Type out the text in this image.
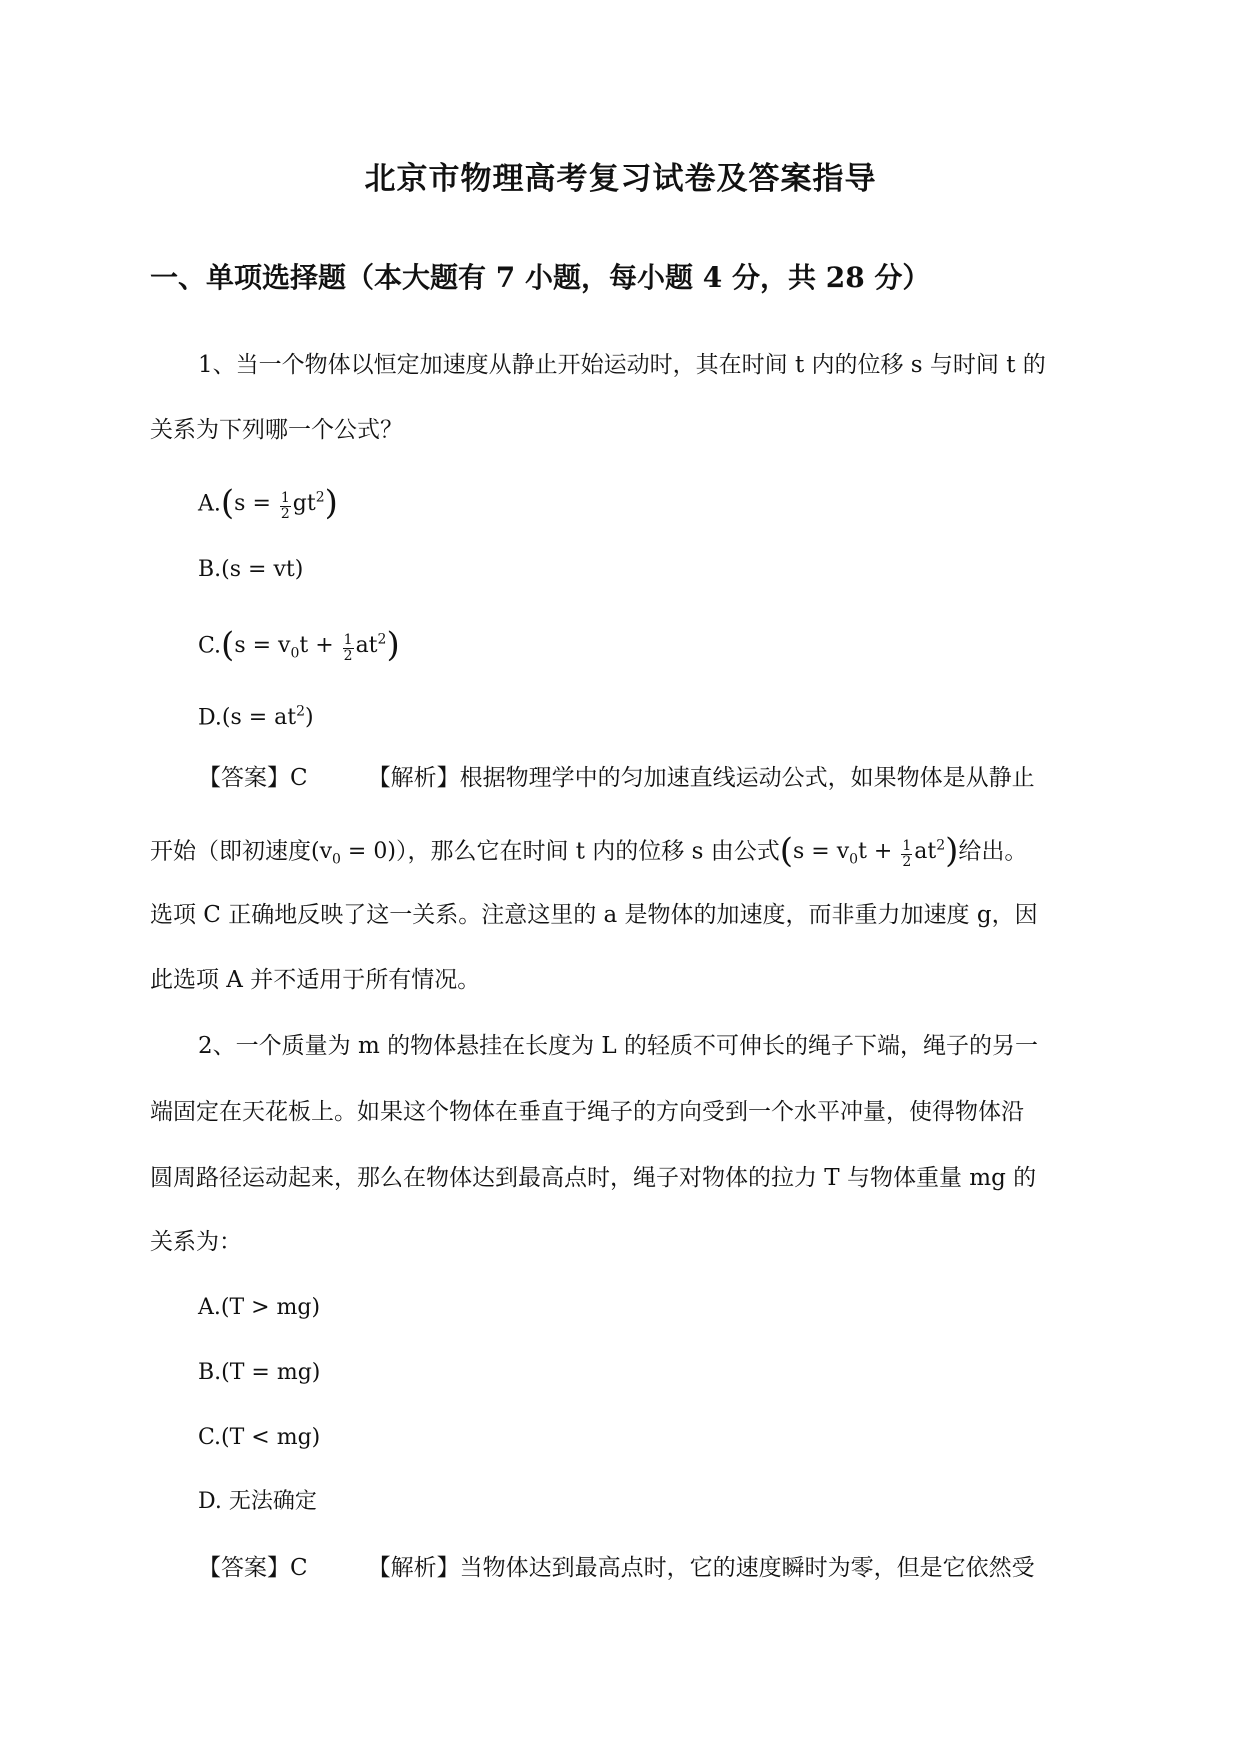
北京市物理高考复习试卷及答案指导
一、单项选择题（本大题有 7 小题，每小题 4 分，共 28 分）
1、当一个物体以恒定加速度从静止开始运动时，其在时间 t 内的位移 s 与时间 t 的
关系为下列哪一个公式？
$A.(s = \frac{1}{2} gt^2)$
B.(s = vt)
$C.(s = v_0t + \frac{1}{2} at^2)$
$D.(s = at^2)$
【答案】C	【解析】根据物理学中的匀加速直线运动公式，如果物体是从静止
开始（即初速度$(v_0 = 0)$），那么它在时间 t 内的位移 s 由公式$(s = v_0t + \frac{1}{2} at^2)$给出。
选项 C 正确地反映了这一关系。注意这里的 a 是物体的加速度，而非重力加速度 g，因
此选项 A 并不适用于所有情况。
2、一个质量为 m 的物体悬挂在长度为 L 的轻质不可伸长的绳子下端，绳子的另一
端固定在天花板上。如果这个物体在垂直于绳子的方向受到一个水平冲量，使得物体沿
圆周路径运动起来，那么在物体达到最高点时，绳子对物体的拉力 T 与物体重量 mg 的
关系为：
A.(T > mg)
B.(T = mg)
C.(T < mg)
D. 无法确定
【答案】C	【解析】当物体达到最高点时，它的速度瞬时为零，但是它依然受
